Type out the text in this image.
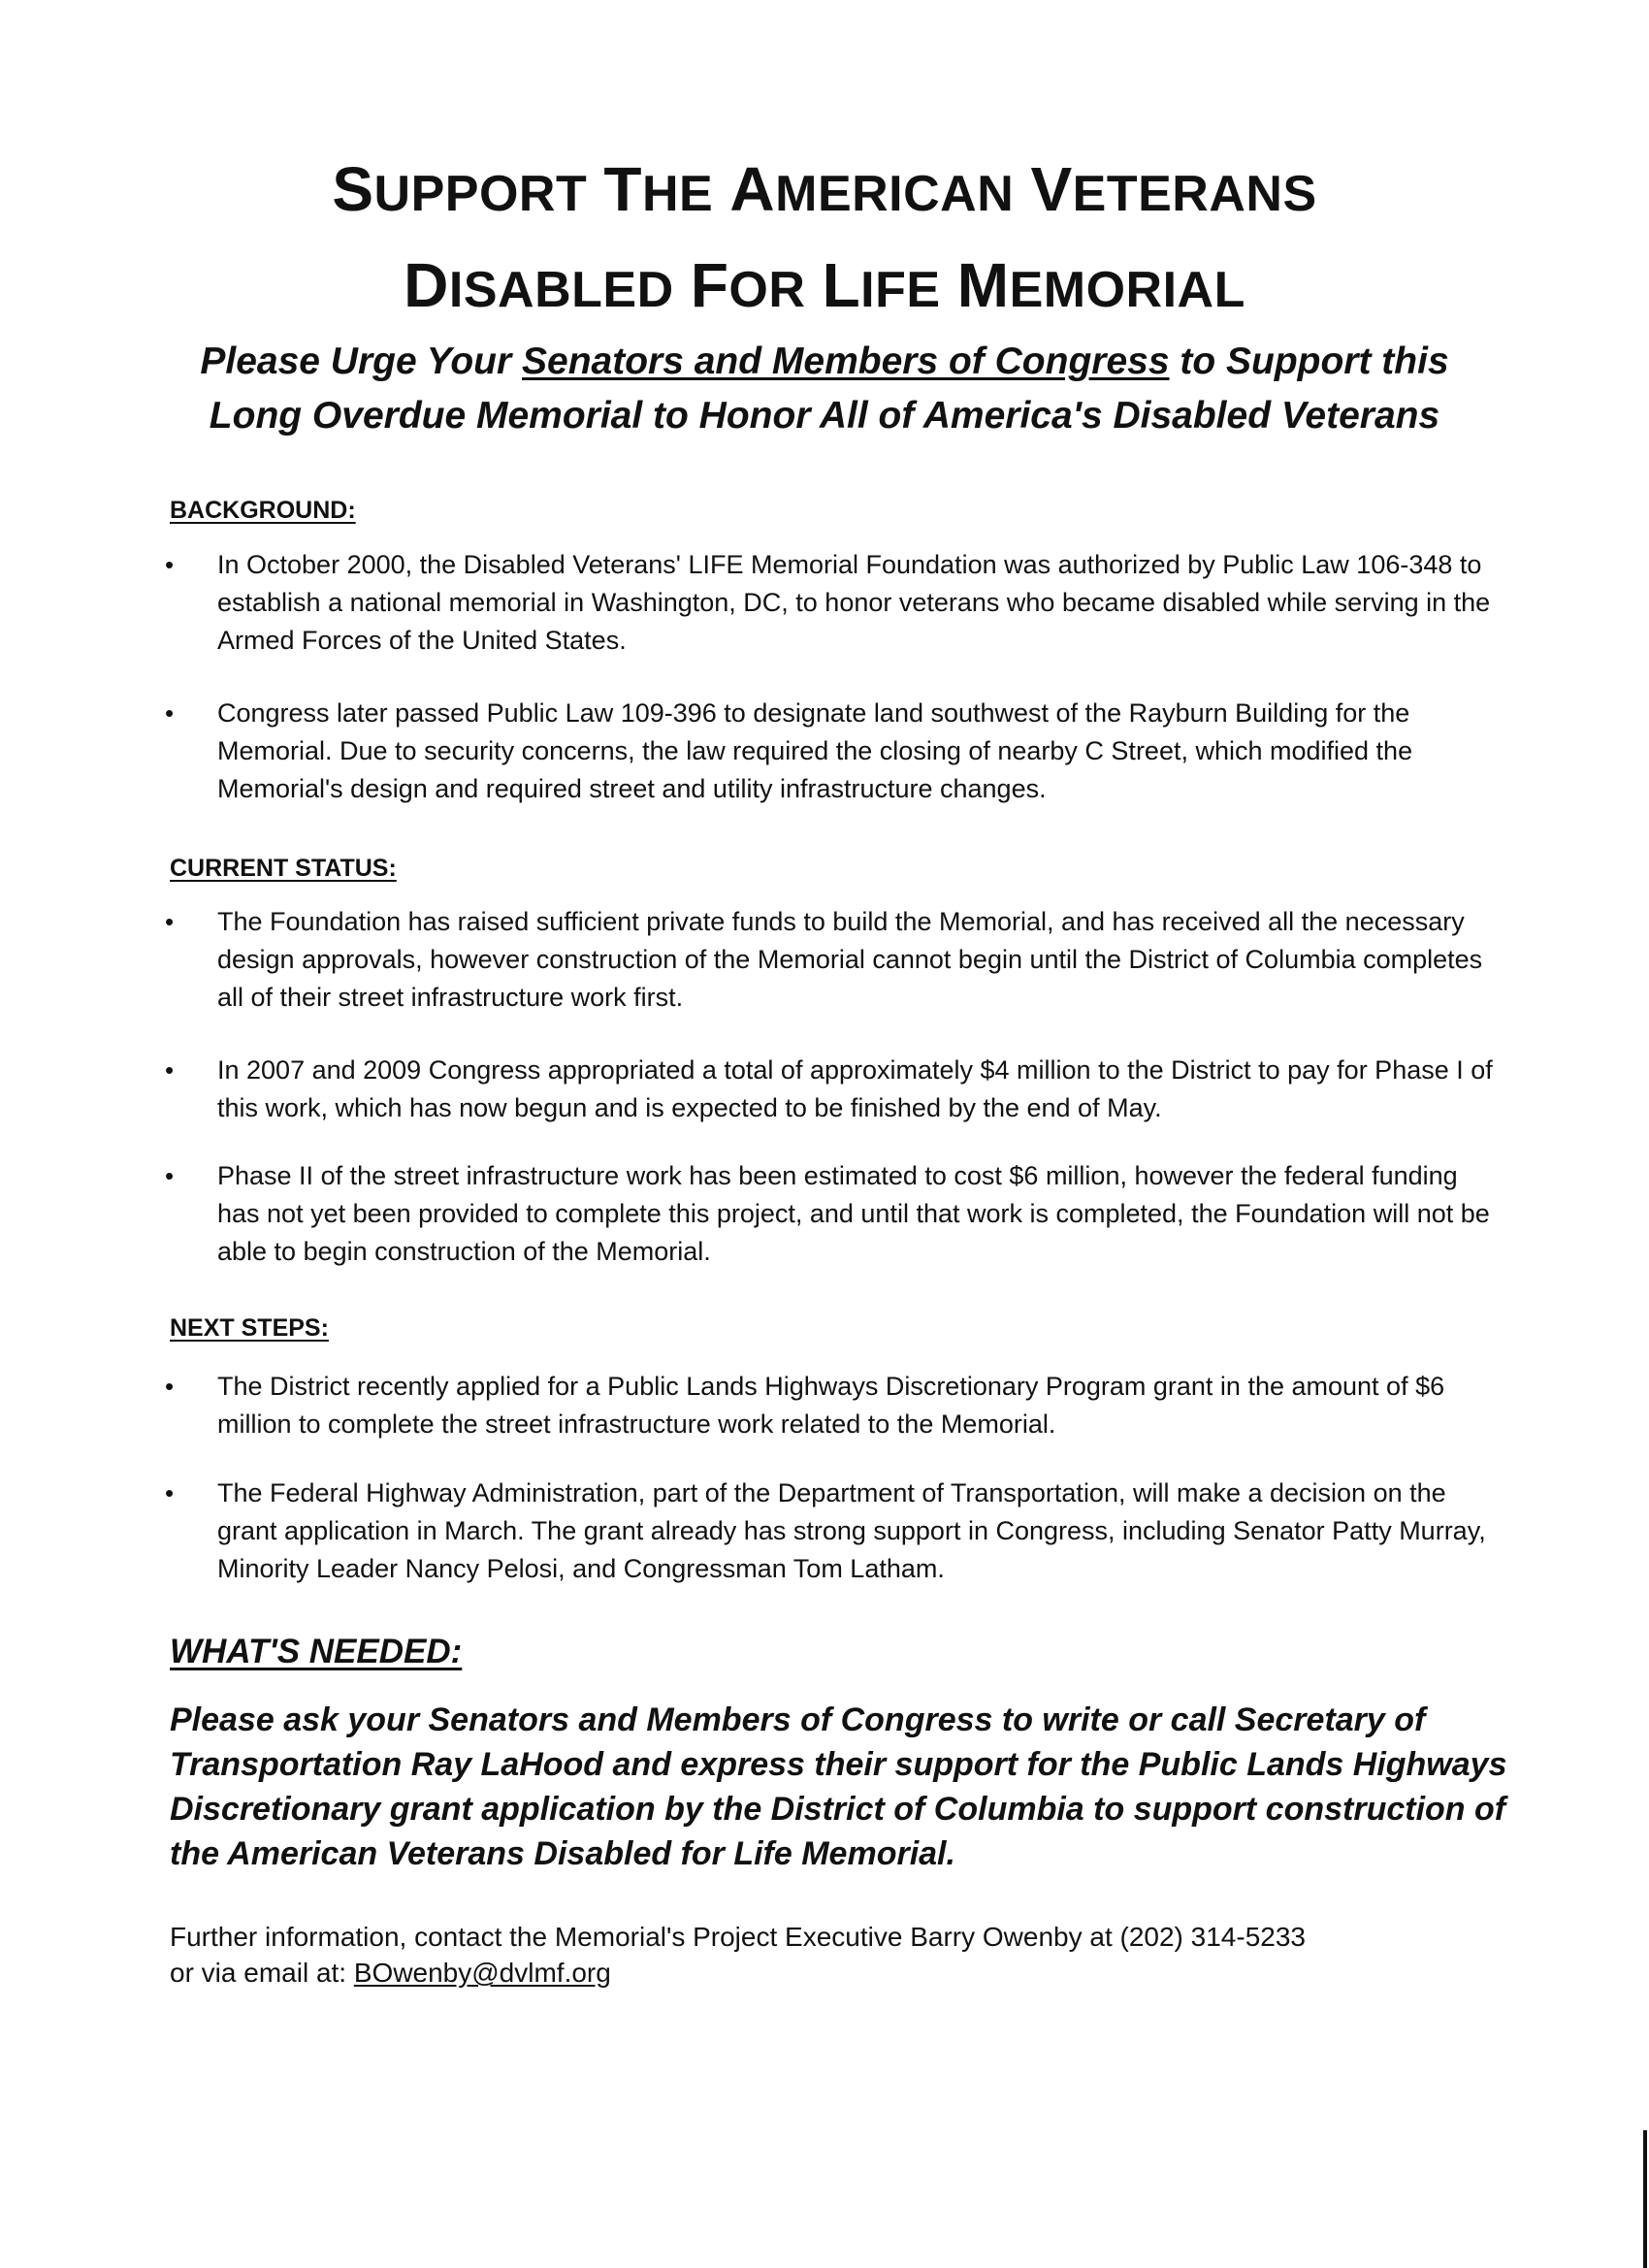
SUPPORT THE AMERICAN VETERANS
DISABLED FOR LIFE MEMORIAL

Please Urge Your Senators and Members of Congress to Support this
Long Overdue Memorial to Honor All of America's Disabled Veterans

BACKGROUND:

•	In October 2000, the Disabled Veterans' LIFE Memorial Foundation was authorized by Public Law 106-348 to establish a national memorial in Washington, DC, to honor veterans who became disabled while serving in the Armed Forces of the United States.
•	Congress later passed Public Law 109-396 to designate land southwest of the Rayburn Building for the Memorial. Due to security concerns, the law required the closing of nearby C Street, which modified the Memorial's design and required street and utility infrastructure changes.

CURRENT STATUS:

•	The Foundation has raised sufficient private funds to build the Memorial, and has received all the necessary design approvals, however construction of the Memorial cannot begin until the District of Columbia completes all of their street infrastructure work first.
•	In 2007 and 2009 Congress appropriated a total of approximately $4 million to the District to pay for Phase I of this work, which has now begun and is expected to be finished by the end of May.
•	Phase II of the street infrastructure work has been estimated to cost $6 million, however the federal funding has not yet been provided to complete this project, and until that work is completed, the Foundation will not be able to begin construction of the Memorial.

NEXT STEPS:

•	The District recently applied for a Public Lands Highways Discretionary Program grant in the amount of $6 million to complete the street infrastructure work related to the Memorial.
•	The Federal Highway Administration, part of the Department of Transportation, will make a decision on the grant application in March. The grant already has strong support in Congress, including Senator Patty Murray, Minority Leader Nancy Pelosi, and Congressman Tom Latham.

WHAT'S NEEDED:

Please ask your Senators and Members of Congress to write or call Secretary of Transportation Ray LaHood and express their support for the Public Lands Highways Discretionary grant application by the District of Columbia to support construction of the American Veterans Disabled for Life Memorial.

Further information, contact the Memorial's Project Executive Barry Owenby at (202) 314-5233
or via email at: BOwenby@dvlmf.org
